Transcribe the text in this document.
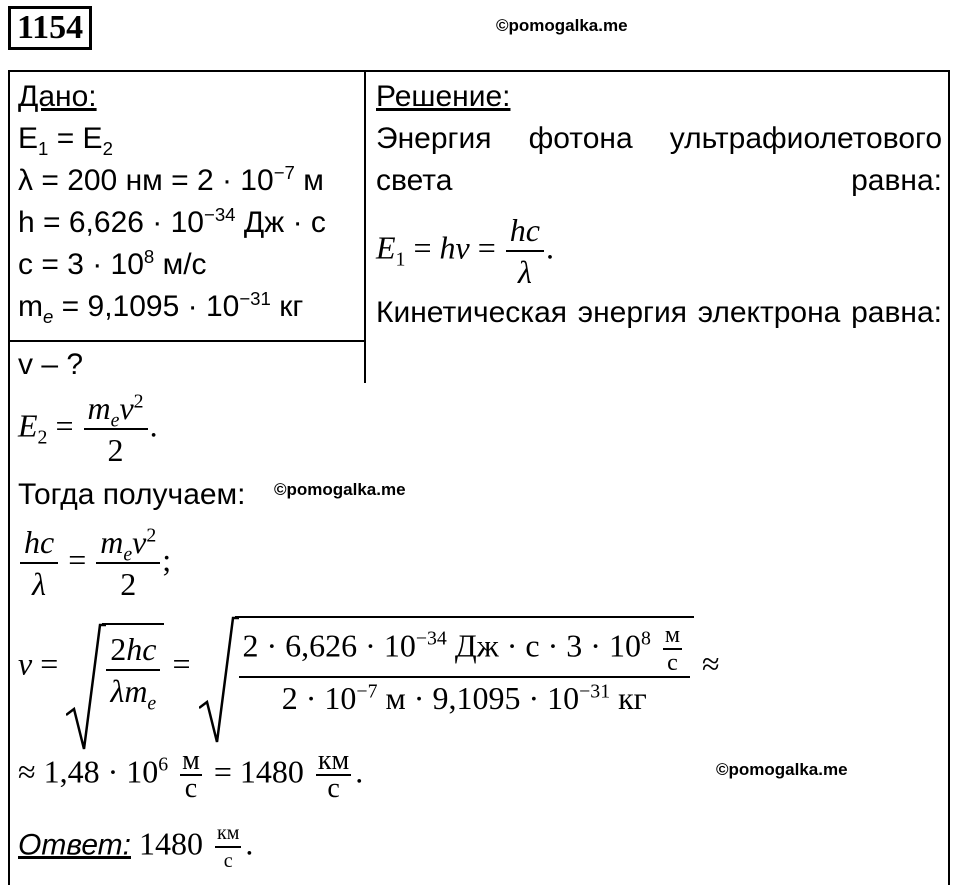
1154	©pomogalka.me
Дано:
$E_1 = E_2$
λ = 200 нм = $2 \cdot 10^{-7}$ м
$h = 6,626 \cdot 10^{-34}$ Дж · с
$c = 3 \cdot 10^8$ м/с
$m_e = 9,1095 \cdot 10^{-31}$ кг
v – ?
Решение:
Энергия фотона ультрафиолетового света равна:
$E_1 = h\nu = \frac{hc}{\lambda}$ .
Кинетическая энергия электрона равна:
$E_2 = \frac{m_ev^2}{2}$ .
Тогда получаем: ©pomogalka.me
$\frac{hc}{\lambda} = \frac{m_ev^2}{2}$ ;
$v = \frac{2hc}{\lambda m_e} = 2 \cdot 6,626 \cdot 10^{-34}$ Дж · $с \cdot 3 \cdot 10^8$ м
с
$2 \cdot 10^{-7}$ $м \cdot 9,1095 \cdot 10^{-31}$ кг ≈
≈ $1,48 \cdot 10^6$ м
с = 1480 км
с .	©pomogalka.me
Ответ: 1480 км
с .
